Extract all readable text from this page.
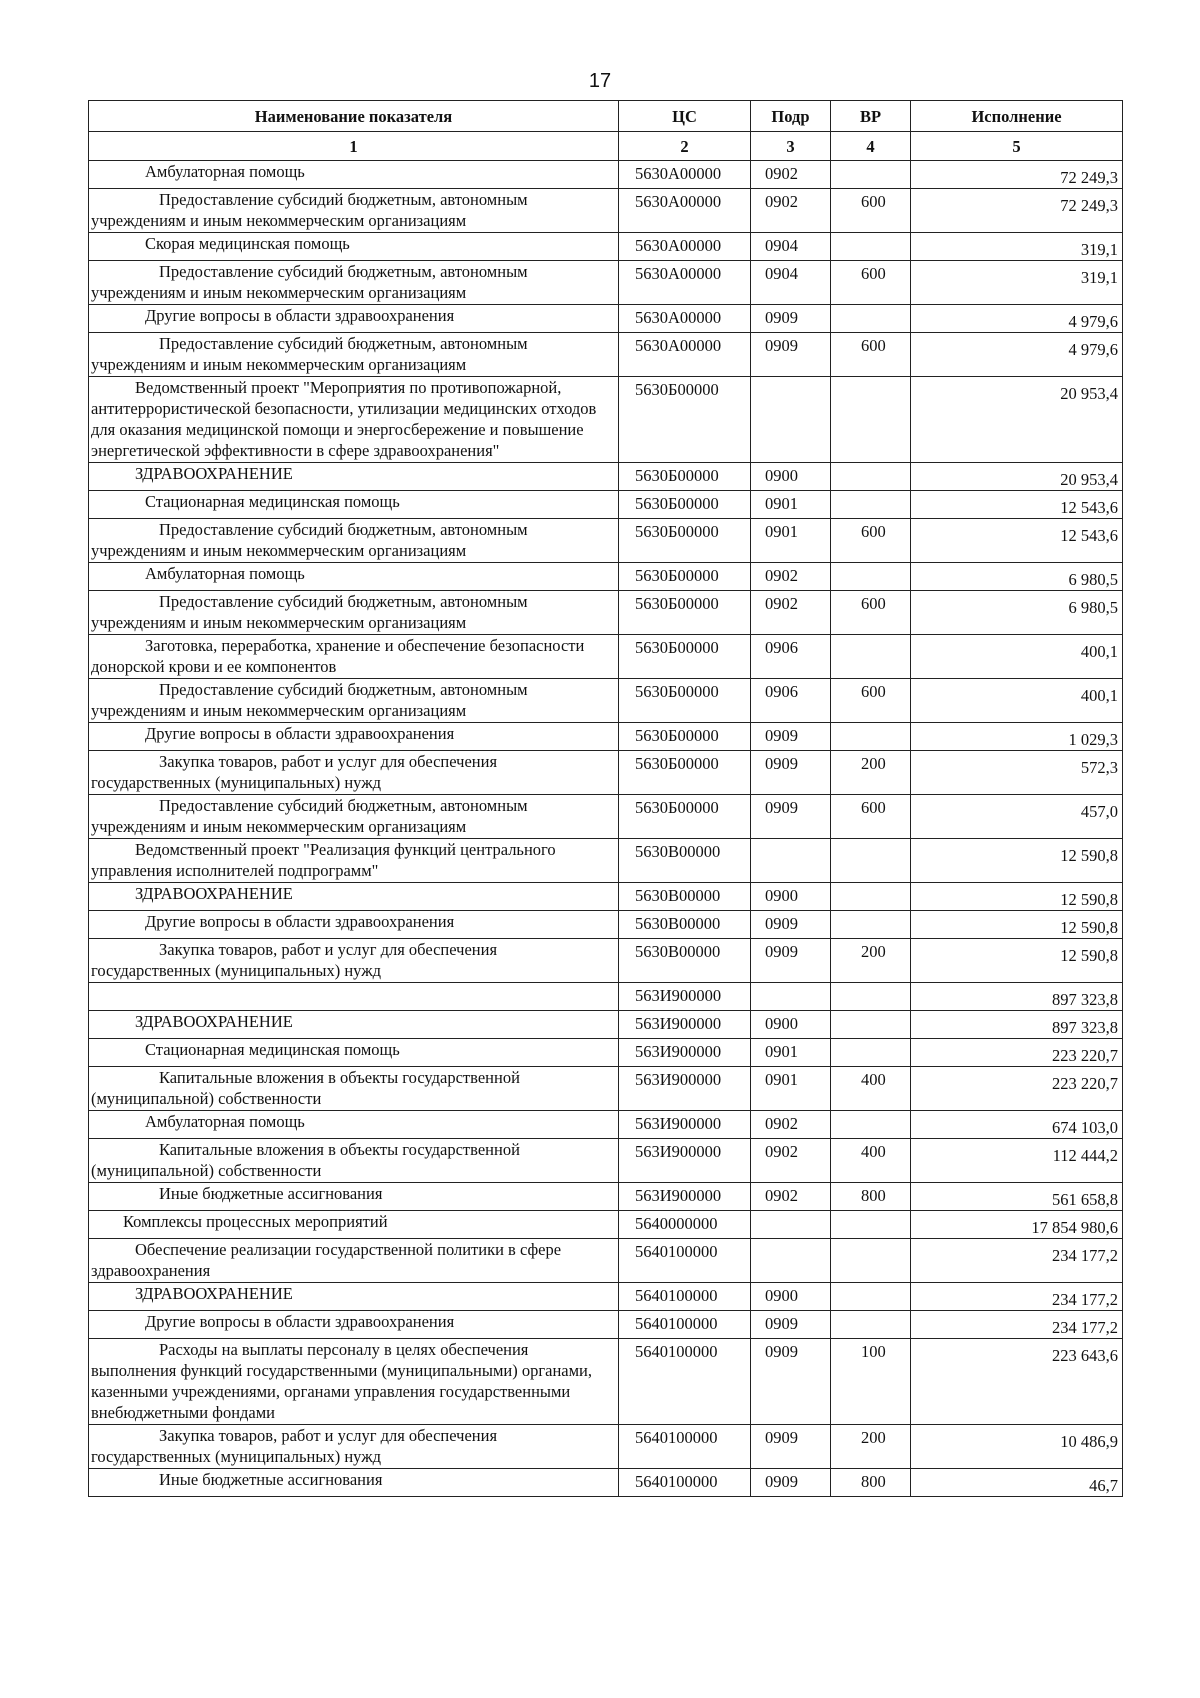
17
Наименование показателя	ЦС	Подр	ВР	Исполнение
1	2	3	4	5
Амбулаторная помощь	5630А00000	0902		72 249,3
Предоставление субсидий бюджетным, автономным учреждениям и иным некоммерческим организациям	5630А00000	0902	600	72 249,3
Скорая медицинская помощь	5630А00000	0904		319,1
Предоставление субсидий бюджетным, автономным учреждениям и иным некоммерческим организациям	5630А00000	0904	600	319,1
Другие вопросы в области здравоохранения	5630А00000	0909		4 979,6
Предоставление субсидий бюджетным, автономным учреждениям и иным некоммерческим организациям	5630А00000	0909	600	4 979,6
Ведомственный проект "Мероприятия по противопожарной, антитеррористической безопасности, утилизации медицинских отходов для оказания медицинской помощи и энергосбережение и повышение энергетической эффективности в сфере здравоохранения"	5630Б00000			20 953,4
ЗДРАВООХРАНЕНИЕ	5630Б00000	0900		20 953,4
Стационарная медицинская помощь	5630Б00000	0901		12 543,6
Предоставление субсидий бюджетным, автономным учреждениям и иным некоммерческим организациям	5630Б00000	0901	600	12 543,6
Амбулаторная помощь	5630Б00000	0902		6 980,5
Предоставление субсидий бюджетным, автономным учреждениям и иным некоммерческим организациям	5630Б00000	0902	600	6 980,5
Заготовка, переработка, хранение и обеспечение безопасности донорской крови и ее компонентов	5630Б00000	0906		400,1
Предоставление субсидий бюджетным, автономным учреждениям и иным некоммерческим организациям	5630Б00000	0906	600	400,1
Другие вопросы в области здравоохранения	5630Б00000	0909		1 029,3
Закупка товаров, работ и услуг для обеспечения государственных (муниципальных) нужд	5630Б00000	0909	200	572,3
Предоставление субсидий бюджетным, автономным учреждениям и иным некоммерческим организациям	5630Б00000	0909	600	457,0
Ведомственный проект "Реализация функций центрального управления исполнителей подпрограмм"	5630В00000			12 590,8
ЗДРАВООХРАНЕНИЕ	5630В00000	0900		12 590,8
Другие вопросы в области здравоохранения	5630В00000	0909		12 590,8
Закупка товаров, работ и услуг для обеспечения государственных (муниципальных) нужд	5630В00000	0909	200	12 590,8
	563И900000			897 323,8
ЗДРАВООХРАНЕНИЕ	563И900000	0900		897 323,8
Стационарная медицинская помощь	563И900000	0901		223 220,7
Капитальные вложения в объекты государственной (муниципальной) собственности	563И900000	0901	400	223 220,7
Амбулаторная помощь	563И900000	0902		674 103,0
Капитальные вложения в объекты государственной (муниципальной) собственности	563И900000	0902	400	112 444,2
Иные бюджетные ассигнования	563И900000	0902	800	561 658,8
Комплексы процессных мероприятий	5640000000			17 854 980,6
Обеспечение реализации государственной политики в сфере здравоохранения	5640100000			234 177,2
ЗДРАВООХРАНЕНИЕ	5640100000	0900		234 177,2
Другие вопросы в области здравоохранения	5640100000	0909		234 177,2
Расходы на выплаты персоналу в целях обеспечения выполнения функций государственными (муниципальными) органами, казенными учреждениями, органами управления государственными внебюджетными фондами	5640100000	0909	100	223 643,6
Закупка товаров, работ и услуг для обеспечения государственных (муниципальных) нужд	5640100000	0909	200	10 486,9
Иные бюджетные ассигнования	5640100000	0909	800	46,7
